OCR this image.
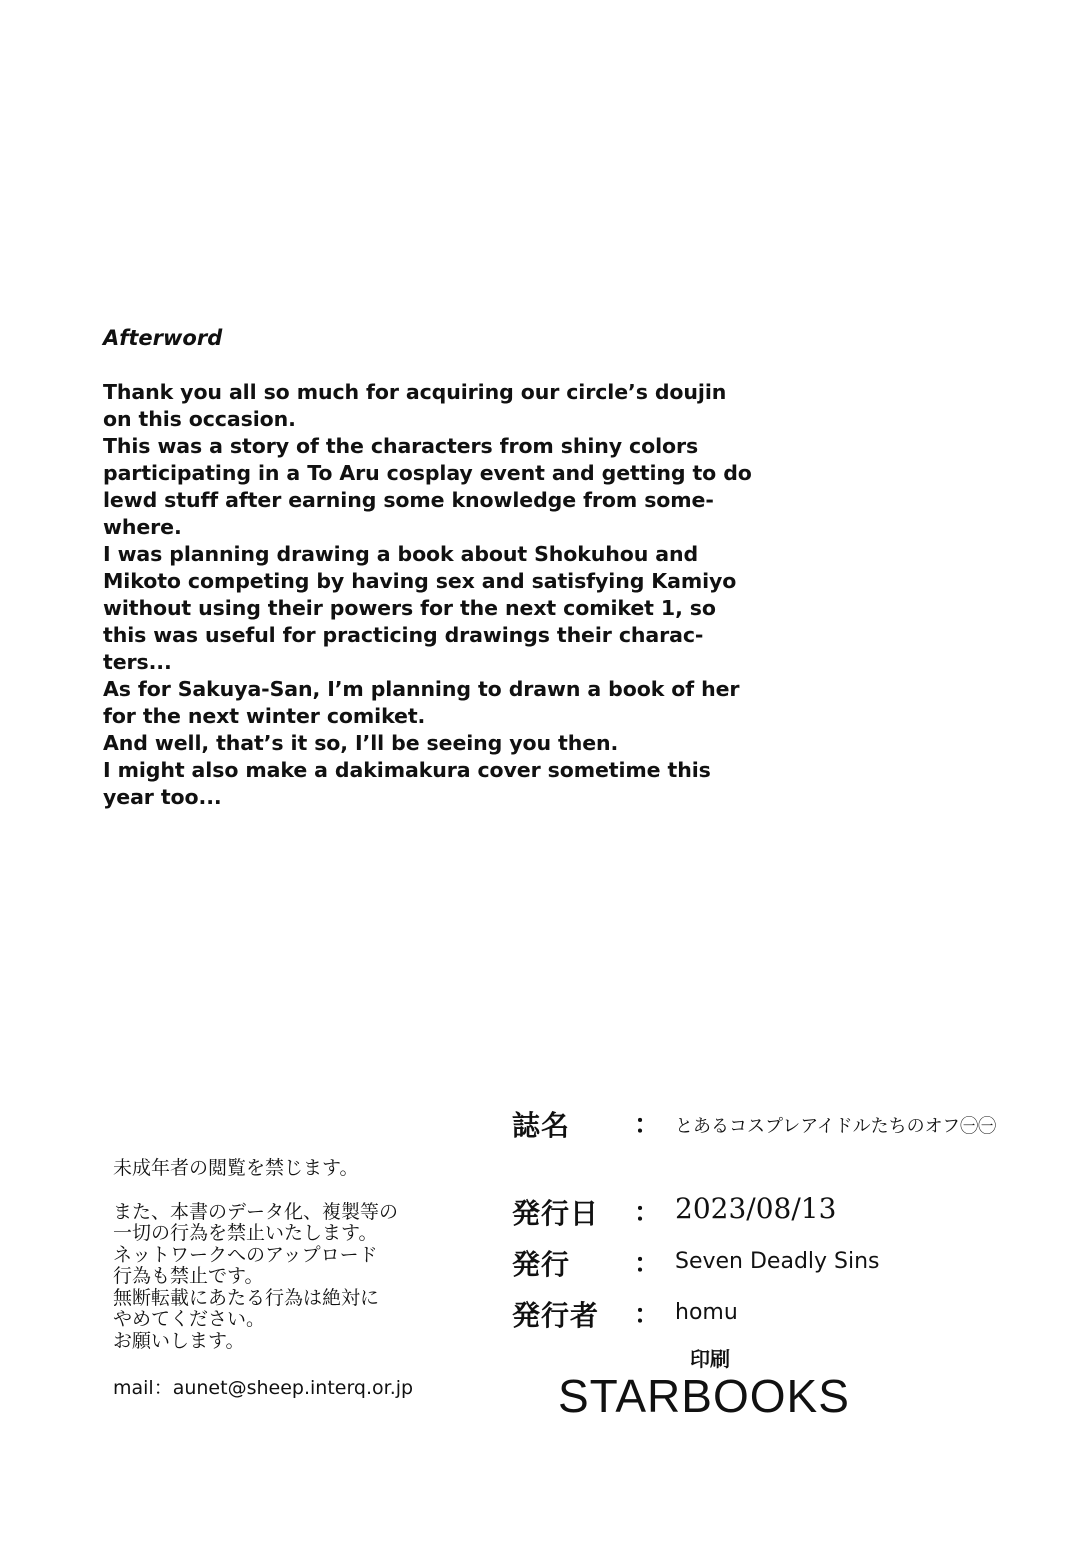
Afterword
Thank you all so much for acquiring our circle’s doujin
on this occasion.
This was a story of the characters from shiny colors
participating in a To Aru cosplay event and getting to do
lewd stuff after earning some knowledge from some-
where.
I was planning drawing a book about Shokuhou and
Mikoto competing by having sex and satisfying Kamiyo
without using their powers for the next comiket 1, so
this was useful for practicing drawings their charac-
ters...
As for Sakuya-San, I’m planning to drawn a book of her
for the next winter comiket.
And well, that’s it so, I’ll be seeing you then.
I might also make a dakimakura cover sometime this
year too...
未成年者の閲覧を禁じます。
また、本書のデータ化、複製等の
一切の行為を禁止いたします。
ネットワークへのアップロード
行為も禁止です。
無断転載にあたる行為は絶対に
やめてください。
お願いします。
mail：aunet@sheep.interq.or.jp
誌名 ： とあるコスプレアイドルたちのオフ㊀㊀
発行日 ： 2023/08/13
発行 ： Seven Deadly Sins
発行者 ： homu
印刷
STARBOOKS
